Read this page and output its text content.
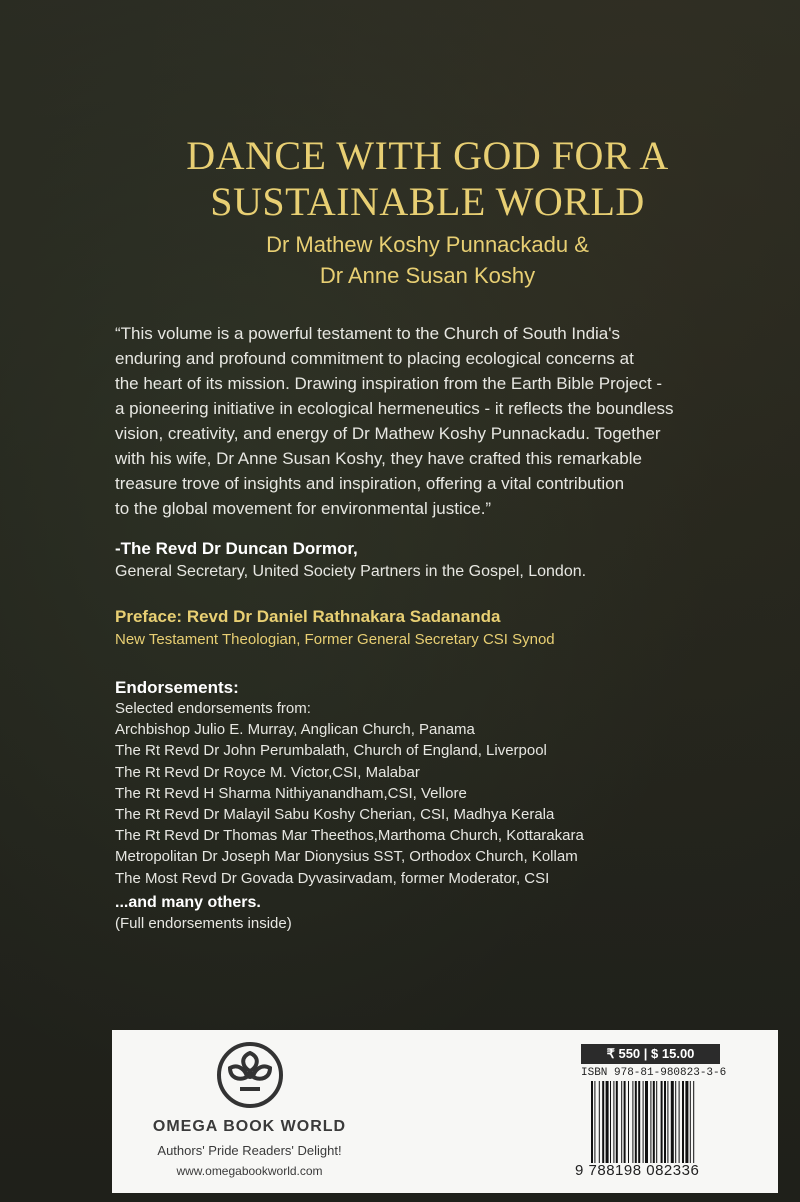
DANCE WITH GOD FOR A
SUSTAINABLE WORLD
Dr Mathew Koshy Punnackadu &
Dr Anne Susan Koshy
“This volume is a powerful testament to the Church of South India's
enduring and profound commitment to placing ecological concerns at
the heart of its mission. Drawing inspiration from the Earth Bible Project -
a pioneering initiative in ecological hermeneutics - it reflects the boundless
vision, creativity, and energy of Dr Mathew Koshy Punnackadu. Together
with his wife, Dr Anne Susan Koshy, they have crafted this remarkable
treasure trove of insights and inspiration, offering a vital contribution
to the global movement for environmental justice.”
-The Revd Dr Duncan Dormor,
General Secretary, United Society Partners in the Gospel, London.
Preface: Revd Dr Daniel Rathnakara Sadananda
New Testament Theologian, Former General Secretary CSI Synod
Endorsements:
Selected endorsements from:
Archbishop Julio E. Murray, Anglican Church, Panama
The Rt Revd Dr John Perumbalath, Church of England, Liverpool
The Rt Revd Dr Royce M. Victor,CSI, Malabar
The Rt Revd H Sharma Nithiyanandham,CSI, Vellore
The Rt Revd Dr Malayil Sabu Koshy Cherian, CSI, Madhya Kerala
The Rt Revd Dr Thomas Mar Theethos,Marthoma Church, Kottarakara
Metropolitan Dr Joseph Mar Dionysius SST, Orthodox Church, Kollam
The Most Revd Dr Govada Dyvasirvadam, former Moderator, CSI
...and many others.
(Full endorsements inside)
OMEGA BOOK WORLD
Authors' Pride Readers' Delight!
www.omegabookworld.com
₹ 550 | $ 15.00
ISBN 978-81-980823-3-6
9 788198 082336
